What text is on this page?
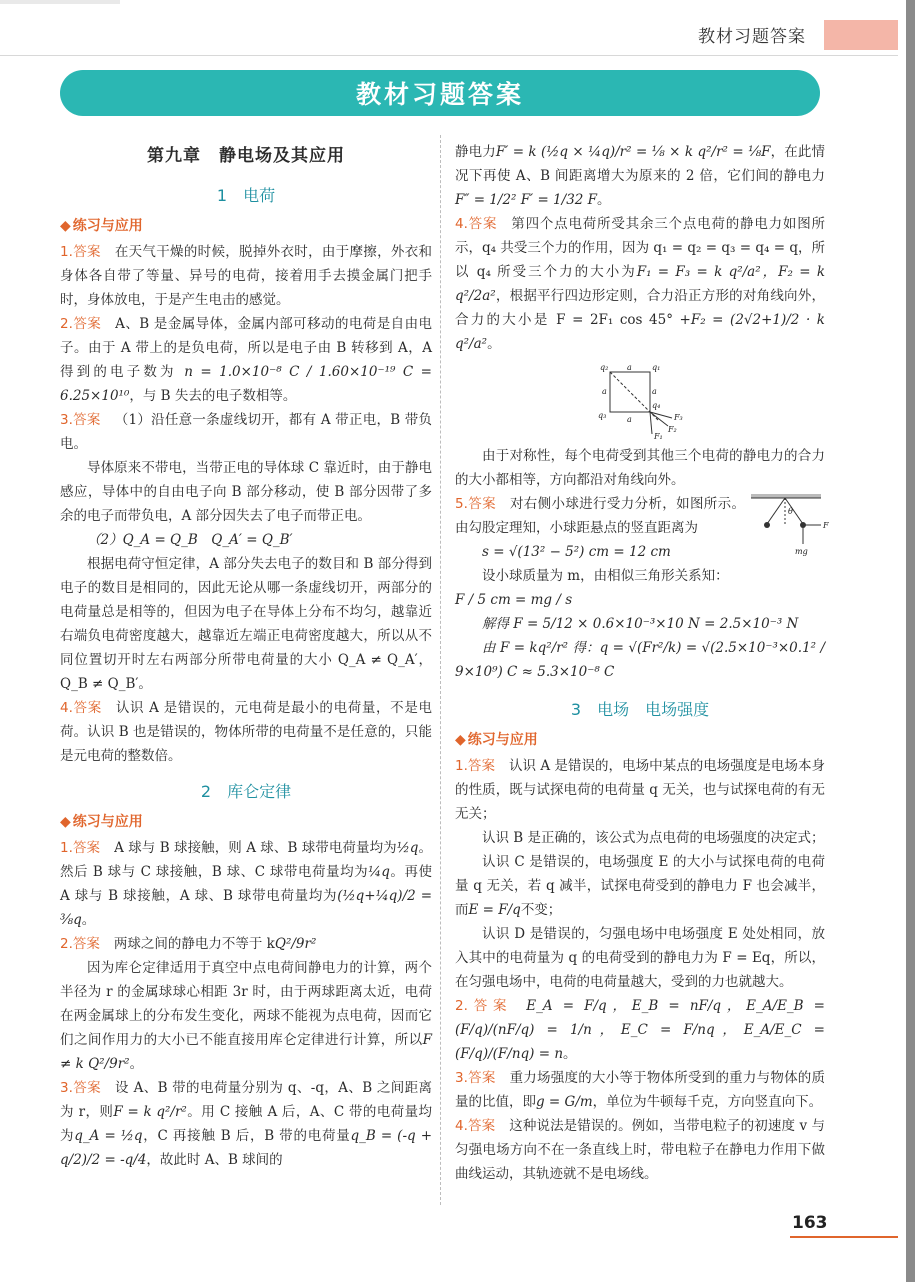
教材习题答案
教材习题答案
第九章　静电场及其应用
1　电荷
◆ 练习与应用

1.答案 在天气干燥的时候，脱掉外衣时，由于摩擦，外衣和身体各自带了等量、异号的电荷，接着用手去摸金属门把手时，身体放电，于是产生电击的感觉。

2.答案 A、B 是金属导体，金属内部可移动的电荷是自由电子。由于 A 带上的是负电荷，所以是电子由 B 转移到 A，A 得到的电子数为 n = 1.0×10⁻⁸ C / 1.60×10⁻¹⁹ C = 6.25×10¹⁰，与 B 失去的电子数相等。

3.答案 （1）沿任意一条虚线切开，都有 A 带正电，B 带负电。

导体原来不带电，当带正电的导体球 C 靠近时，由于静电感应，导体中的自由电子向 B 部分移动，使 B 部分因带了多余的电子而带负电，A 部分因失去了电子而带正电。

（2）Q_A = Q_B　Q_A′ = Q_B′

根据电荷守恒定律，A 部分失去电子的数目和 B 部分得到电子的数目是相同的，因此无论从哪一条虚线切开，两部分的电荷量总是相等的，但因为电子在导体上分布不均匀，越靠近右端负电荷密度越大，越靠近左端正电荷密度越大，所以从不同位置切开时左右两部分所带电荷量的大小 Q_A ≠ Q_A′，Q_B ≠ Q_B′。

4.答案 认识 A 是错误的，元电荷是最小的电荷量，不是电荷。认识 B 也是错误的，物体所带的电荷量不是任意的，只能是元电荷的整数倍。

2　库仑定律
◆ 练习与应用

1.答案 A 球与 B 球接触，则 A 球、B 球带电荷量均为½q。然后 B 球与 C 球接触，B 球、C 球带电荷量均为¼q。再使 A 球与 B 球接触，A 球、B 球带电荷量均为(½q+¼q)/2 = ⅜q。

2.答案 两球之间的静电力不等于 kQ²/9r²

因为库仑定律适用于真空中点电荷间静电力的计算，两个半径为 r 的金属球球心相距 3r 时，由于两球距离太近，电荷在两金属球上的分布发生变化，两球不能视为点电荷，因而它们之间作用力的大小已不能直接用库仑定律进行计算，所以F ≠ k Q²/9r²。

3.答案 设 A、B 带的电荷量分别为 q、-q，A、B 之间距离为 r，则F = k q²/r²。用 C 接触 A 后，A、C 带的电荷量均为q_A = ½q，C 再接触 B 后，B 带的电荷量q_B = (-q + q/2)/2 = -q/4，故此时 A、B 球间的

静电力F′ = k (½q × ¼q)/r² = ⅛ × k q²/r² = ⅛F，在此情况下再使 A、B 间距离增大为原来的 2 倍，它们间的静电力F″ = 1/2² F′ = 1/32 F。

4.答案 第四个点电荷所受其余三个点电荷的静电力如图所示，q₄ 共受三个力的作用，因为 q₁ = q₂ = q₃ = q₄ = q，所以 q₄ 所受三个力的大小为F₁ = F₃ = k q²/a²，F₂ = k q²/2a²，根据平行四边形定则，合力沿正方形的对角线向外，合力的大小是 F = 2F₁ cos 45° +F₂ = (2√2+1)/2 · k q²/a²。

q₂ a	q₁
a	a
q₃	a
q₄
F₃
F₂
F₁

由于对称性，每个电荷受到其他三个电荷的静电力的合力的大小都相等，方向都沿对角线向外。

θ
F
mg

5.答案 对右侧小球进行受力分析，如图所示。由勾股定理知，小球距悬点的竖直距离为

s = √(13² − 5²) cm = 12 cm

设小球质量为 m，由相似三角形关系知：

F / 5 cm = mg / s

解得 F = 5/12 × 0.6×10⁻³×10 N = 2.5×10⁻³ N

由 F = kq²/r² 得：q = √(Fr²/k) = √(2.5×10⁻³×0.1² / 9×10⁹) C ≈ 5.3×10⁻⁸ C

3　电场　电场强度
◆ 练习与应用

1.答案 认识 A 是错误的，电场中某点的电场强度是电场本身的性质，既与试探电荷的电荷量 q 无关，也与试探电荷的有无无关；

认识 B 是正确的，该公式为点电荷的电场强度的决定式；

认识 C 是错误的，电场强度 E 的大小与试探电荷的电荷量 q 无关，若 q 减半，试探电荷受到的静电力 F 也会减半，而E = F/q不变；

认识 D 是错误的，匀强电场中电场强度 E 处处相同，放入其中的电荷量为 q 的电荷受到的静电力为 F = Eq，所以，在匀强电场中，电荷的电荷量越大，受到的力也就越大。

2.答案 E_A = F/q，E_B = nF/q，E_A/E_B = (F/q)/(nF/q) = 1/n，E_C = F/nq，E_A/E_C = (F/q)/(F/nq) = n。

3.答案 重力场强度的大小等于物体所受到的重力与物体的质量的比值，即g = G/m，单位为牛顿每千克，方向竖直向下。

4.答案 这种说法是错误的。例如，当带电粒子的初速度 v 与匀强电场方向不在一条直线上时，带电粒子在静电力作用下做曲线运动，其轨迹就不是电场线。

163
